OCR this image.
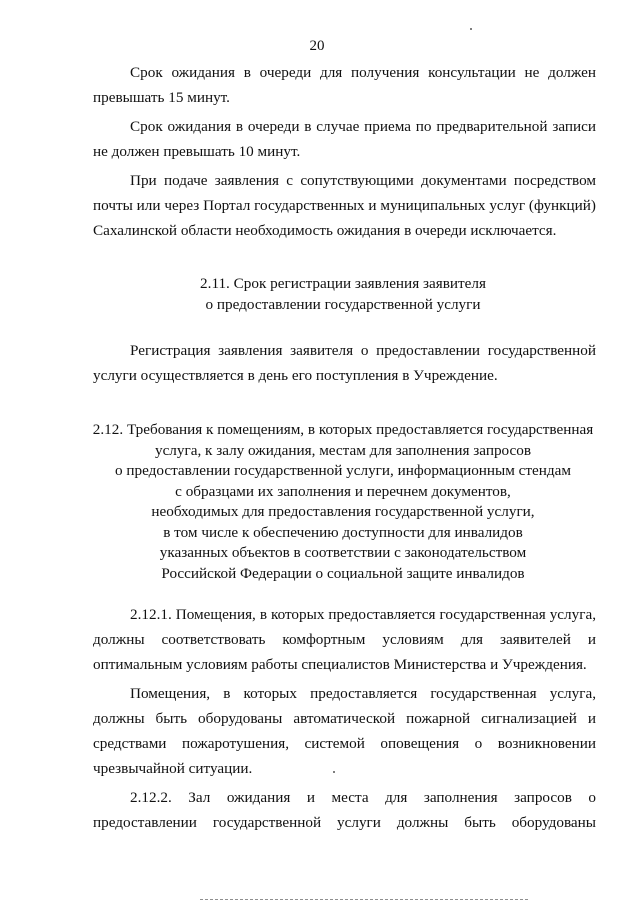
20

Срок ожидания в очереди для получения консультации не должен превышать 15 минут.

Срок ожидания в очереди в случае приема по предварительной записи не должен превышать 10 минут.

При подаче заявления с сопутствующими документами посредством почты или через Портал государственных и муниципальных услуг (функций) Сахалинской области необходимость ожидания в очереди исключается.

2.11. Срок регистрации заявления заявителя
о предоставлении государственной услуги

Регистрация заявления заявителя о предоставлении государственной услуги осуществляется в день его поступления в Учреждение.

2.12. Требования к помещениям, в которых предоставляется государственная
услуга, к залу ожидания, местам для заполнения запросов
о предоставлении государственной услуги, информационным стендам
с образцами их заполнения и перечнем документов,
необходимых для предоставления государственной услуги,
в том числе к обеспечению доступности для инвалидов
указанных объектов в соответствии с законодательством
Российской Федерации о социальной защите инвалидов

2.12.1. Помещения, в которых предоставляется государственная услуга, должны соответствовать комфортным условиям для заявителей и оптимальным условиям работы специалистов Министерства и Учреждения.

Помещения, в которых предоставляется государственная услуга, должны быть оборудованы автоматической пожарной сигнализацией и средствами пожаротушения, системой оповещения о возникновении чрезвычайной ситуации.

2.12.2. Зал ожидания и места для заполнения запросов о предоставлении государственной услуги должны быть оборудованы
